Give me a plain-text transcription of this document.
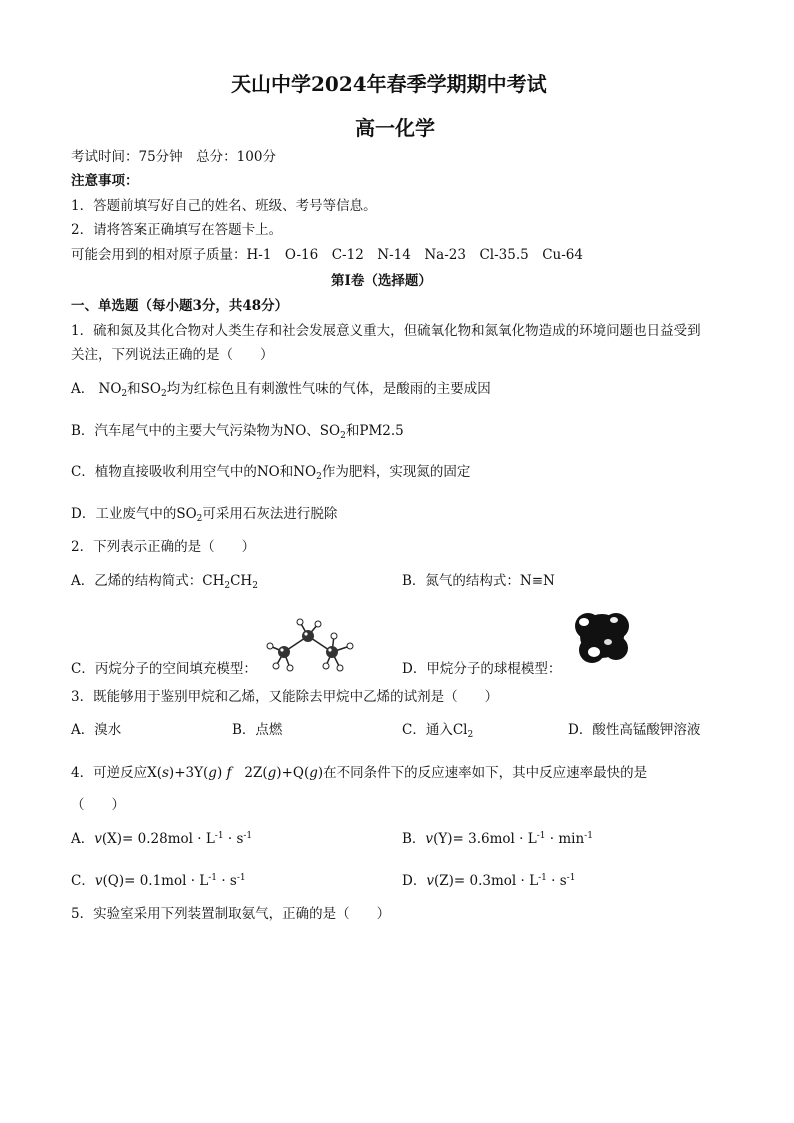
天山中学2024年春季学期期中考试
高一化学
考试时间：75分钟　总分：100分
注意事项：
1．答题前填写好自己的姓名、班级、考号等信息。
2．请将答案正确填写在答题卡上。
可能会用到的相对原子质量：H-1　O-16　C-12　N-14　Na-23　Cl-35.5　Cu-64
第Ⅰ卷（选择题）
一、单选题（每小题3分，共48分）
1．硫和氮及其化合物对人类生存和社会发展意义重大，但硫氧化物和氮氧化物造成的环境问题也日益受到
关注，下列说法正确的是（　　）
A． $NO_2$和$SO_2$均为红棕色且有刺激性气味的气体，是酸雨的主要成因
B．汽车尾气中的主要大气污染物为NO、$SO_2$和PM2.5
C．植物直接吸收利用空气中的NO和$NO_2$作为肥料，实现氮的固定
D．工业废气中的$SO_2$可采用石灰法进行脱除
2．下列表示正确的是（　　）
A．乙烯的结构简式：$CH_2CH_2$	B．氮气的结构式：N≡N
C．丙烷分子的空间填充模型：	D．甲烷分子的球棍模型：
3．既能够用于鉴别甲烷和乙烯，又能除去甲烷中乙烯的试剂是（　　）
A．溴水	B．点燃	C．通入$Cl_2$	D．酸性高锰酸钾溶液
4．可逆反应X(s)+3Y(g) f   2Z(g)+Q(g)在不同条件下的反应速率如下，其中反应速率最快的是
（　　）
A．$v(X)= 0.28mol \cdot L^{-1} \cdot s^{-1}$	B．$v(Y)= 3.6mol \cdot L^{-1} \cdot \min^{-1}$
C．$v(Q)= 0.1mol \cdot L^{-1} \cdot s^{-1}$	D．$v(Z)= 0.3mol \cdot L^{-1} \cdot s^{-1}$
5．实验室采用下列装置制取氨气，正确的是（　　）
